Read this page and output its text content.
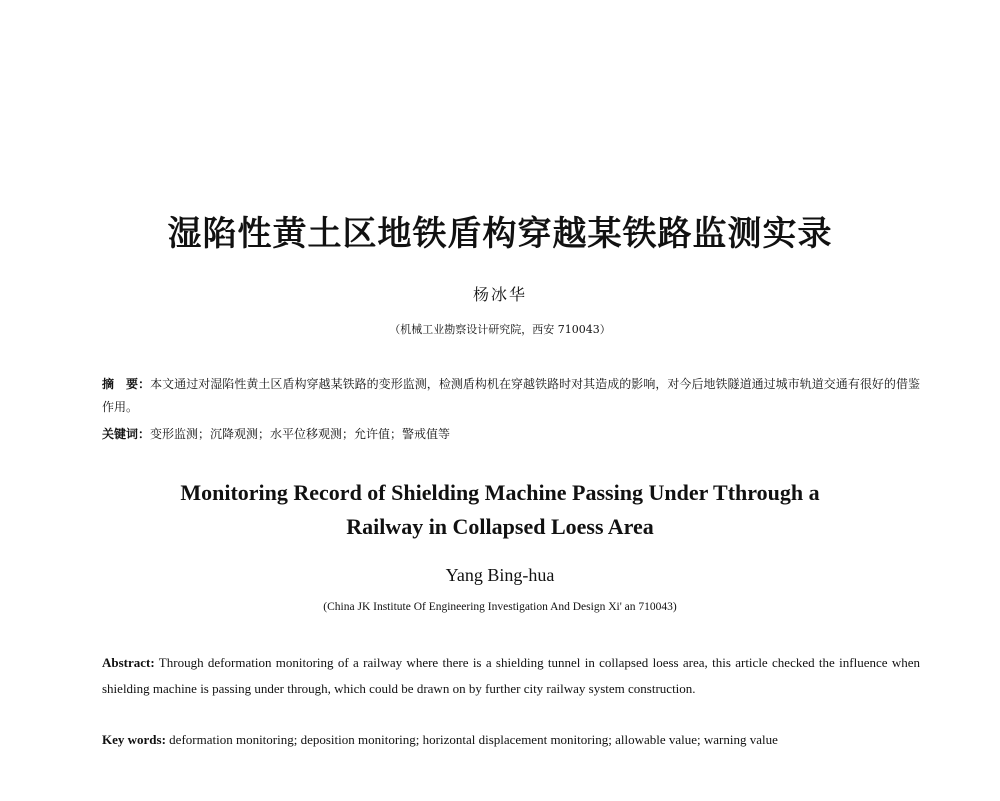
湿陷性黄土区地铁盾构穿越某铁路监测实录
杨冰华
（机械工业勘察设计研究院，西安 710043）
摘　要：本文通过对湿陷性黄土区盾构穿越某铁路的变形监测，检测盾构机在穿越铁路时对其造成的影响，对今后地铁隧道通过城市轨道交通有很好的借鉴作用。
关键词：变形监测；沉降观测；水平位移观测；允许值；警戒值等
Monitoring Record of Shielding Machine Passing Under Tthrough a
Railway in Collapsed Loess Area
Yang Bing-hua
(China JK Institute Of Engineering Investigation And Design Xi' an 710043)
Abstract: Through deformation monitoring of a railway where there is a shielding tunnel in collapsed loess area, this article checked the influence when shielding machine is passing under through, which could be drawn on by further city railway system construction.
Key words: deformation monitoring; deposition monitoring; horizontal displacement monitoring; allowable value; warning value
